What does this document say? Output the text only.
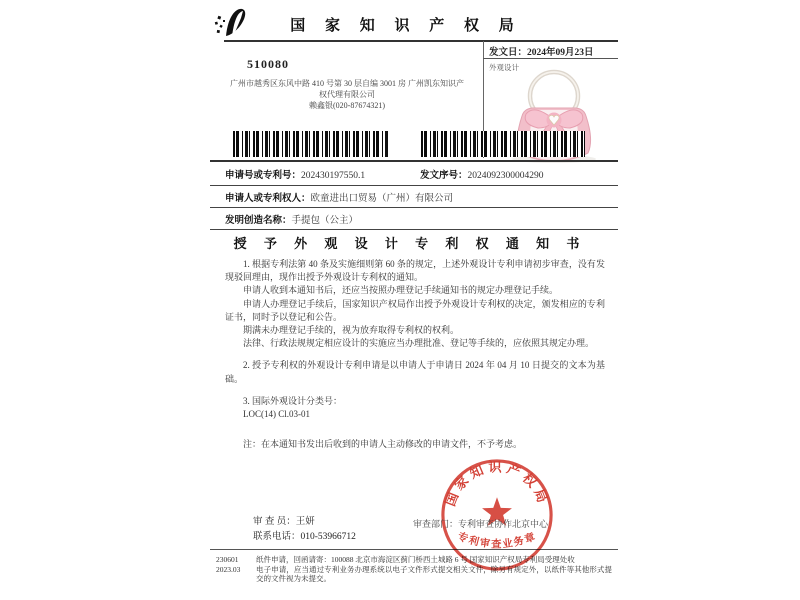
国 家 知 识 产 权 局
发文日：2024年09月23日
外观设计
510080
广州市越秀区东风中路 410 号第 30 层自编 3001 房 广州凯东知识产
权代理有限公司
赖鑫银(020-87674321)
申请号或专利号：202430197550.1	发文序号：2024092300004290
申请人或专利权人：欧童进出口贸易（广州）有限公司
发明创造名称：手提包（公主）
授 予 外 观 设 计 专 利 权 通 知 书

1. 根据专利法第 40 条及实施细则第 60 条的规定，上述外观设计专利申请初步审查，没有发现驳回理由，现作出授予外观设计专利权的通知。

申请人收到本通知书后，还应当按照办理登记手续通知书的规定办理登记手续。

申请人办理登记手续后，国家知识产权局作出授予外观设计专利权的决定，颁发相应的专利证书，同时予以登记和公告。

期满未办理登记手续的，视为放弃取得专利权的权利。

法律、行政法规规定相应设计的实施应当办理批准、登记等手续的，应依照其规定办理。

2. 授予专利权的外观设计专利申请是以申请人于申请日 2024 年 04 月 10 日提交的文本为基础。

3. 国际外观设计分类号：

LOC(14) Cl.03-01

注：在本通知书发出后收到的申请人主动修改的申请文件，不予考虑。

审 查 员：王妍
联系电话：010-53966712
审查部门：专利审查协作北京中心
230601
2023.03
纸件申请，回函请寄：100088 北京市海淀区蓟门桥西土城路 6 号 国家知识产权局专利局受理处收
电子申请，应当通过专利业务办理系统以电子文件形式提交相关文件，除另有规定外，以纸件等其他形式提交的文件视为未提交。
国家知识产权局
专利审查业务章
